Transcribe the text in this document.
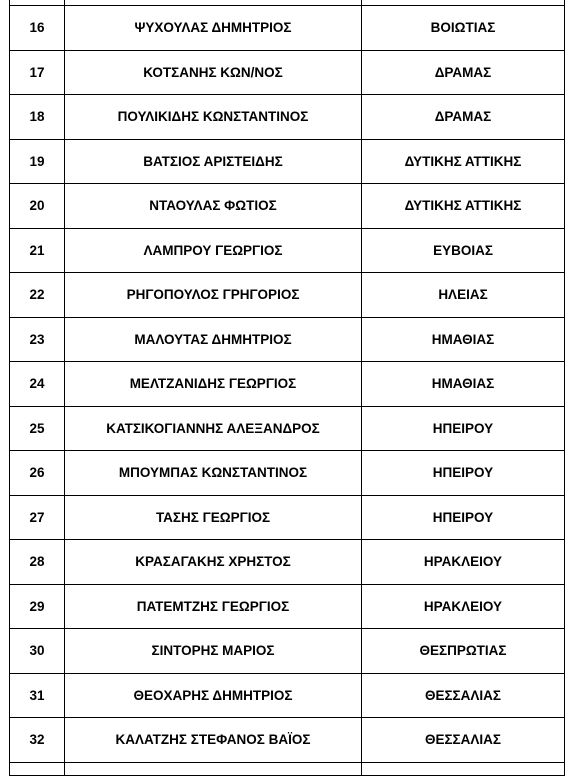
16	ΨΥΧΟΥΛΑΣ ΔΗΜΗΤΡΙΟΣ	ΒΟΙΩΤΙΑΣ
17	ΚΟΤΣΑΝΗΣ ΚΩΝ/ΝΟΣ	ΔΡΑΜΑΣ
18	ΠΟΥΛΙΚΙΔΗΣ ΚΩΝΣΤΑΝΤΙΝΟΣ	ΔΡΑΜΑΣ
19	ΒΑΤΣΙΟΣ ΑΡΙΣΤΕΙΔΗΣ	ΔΥΤΙΚΗΣ ΑΤΤΙΚΗΣ
20	ΝΤΑΟΥΛΑΣ ΦΩΤΙΟΣ	ΔΥΤΙΚΗΣ ΑΤΤΙΚΗΣ
21	ΛΑΜΠΡΟΥ ΓΕΩΡΓΙΟΣ	ΕΥΒΟΙΑΣ
22	ΡΗΓΟΠΟΥΛΟΣ ΓΡΗΓΟΡΙΟΣ	ΗΛΕΙΑΣ
23	ΜΑΛΟΥΤΑΣ ΔΗΜΗΤΡΙΟΣ	ΗΜΑΘΙΑΣ
24	ΜΕΛΤΖΑΝΙΔΗΣ ΓΕΩΡΓΙΟΣ	ΗΜΑΘΙΑΣ
25	ΚΑΤΣΙΚΟΓΙΑΝΝΗΣ ΑΛΕΞΑΝΔΡΟΣ	ΗΠΕΙΡΟΥ
26	ΜΠΟΥΜΠΑΣ ΚΩΝΣΤΑΝΤΙΝΟΣ	ΗΠΕΙΡΟΥ
27	ΤΑΣΗΣ ΓΕΩΡΓΙΟΣ	ΗΠΕΙΡΟΥ
28	ΚΡΑΣΑΓΑΚΗΣ ΧΡΗΣΤΟΣ	ΗΡΑΚΛΕΙΟΥ
29	ΠΑΤΕΜΤΖΗΣ ΓΕΩΡΓΙΟΣ	ΗΡΑΚΛΕΙΟΥ
30	ΣΙΝΤΟΡΗΣ ΜΑΡΙΟΣ	ΘΕΣΠΡΩΤΙΑΣ
31	ΘΕΟΧΑΡΗΣ ΔΗΜΗΤΡΙΟΣ	ΘΕΣΣΑΛΙΑΣ
32	ΚΑΛΑΤΖΗΣ ΣΤΕΦΑΝΟΣ ΒΑΪΟΣ	ΘΕΣΣΑΛΙΑΣ
